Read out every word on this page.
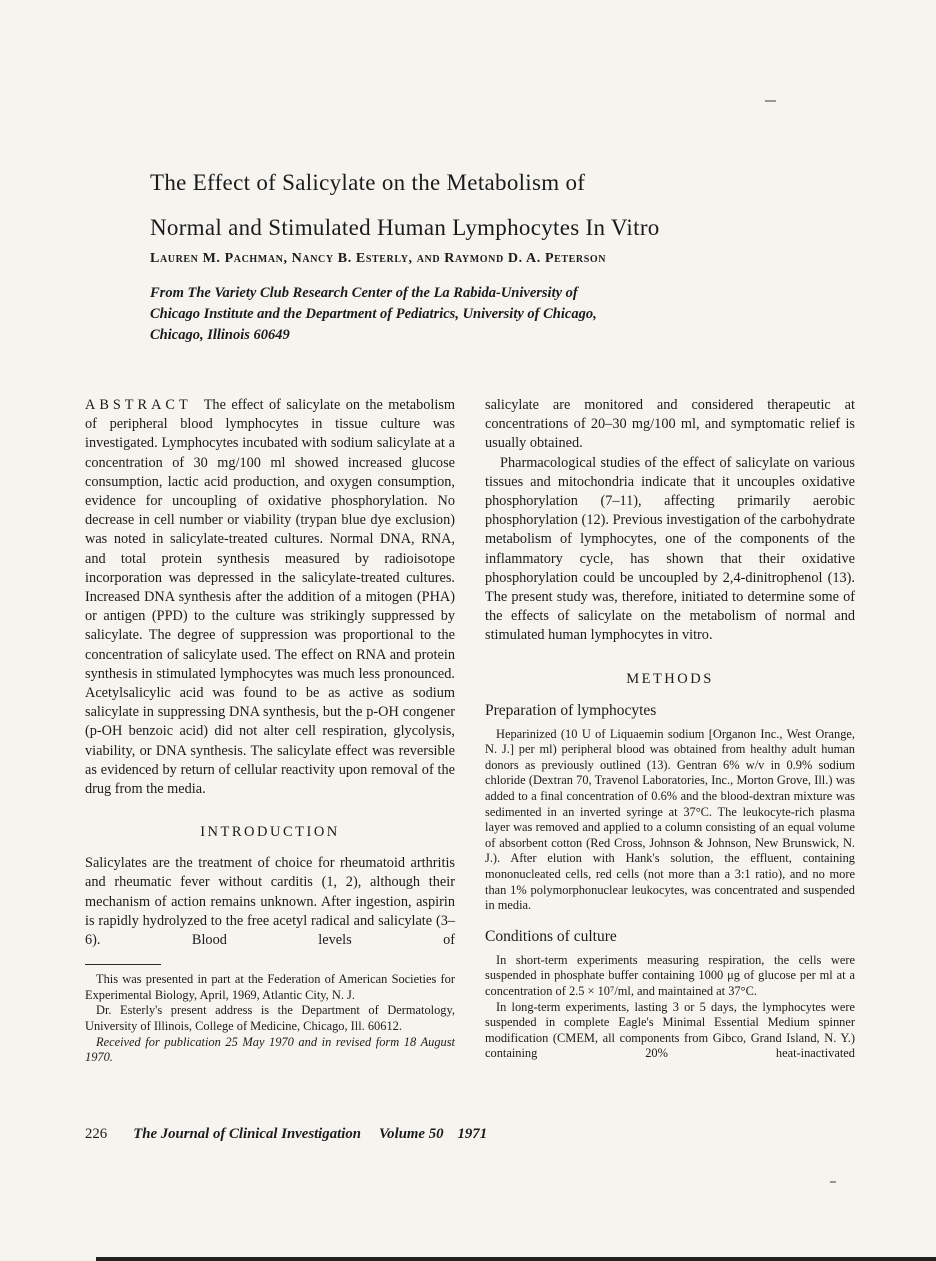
The Effect of Salicylate on the Metabolism of
Normal and Stimulated Human Lymphocytes In Vitro
Lauren M. Pachman, Nancy B. Esterly, and Raymond D. A. Peterson
From The Variety Club Research Center of the La Rabida-University of
Chicago Institute and the Department of Pediatrics, University of Chicago,
Chicago, Illinois 60649

ABSTRACT The effect of salicylate on the metabolism of peripheral blood lymphocytes in tissue culture was investigated. Lymphocytes incubated with sodium salicylate at a concentration of 30 mg/100 ml showed increased glucose consumption, lactic acid production, and oxygen consumption, evidence for uncoupling of oxidative phosphorylation. No decrease in cell number or viability (trypan blue dye exclusion) was noted in salicylate-treated cultures. Normal DNA, RNA, and total protein synthesis measured by radioisotope incorporation was depressed in the salicylate-treated cultures. Increased DNA synthesis after the addition of a mitogen (PHA) or antigen (PPD) to the culture was strikingly suppressed by salicylate. The degree of suppression was proportional to the concentration of salicylate used. The effect on RNA and protein synthesis in stimulated lymphocytes was much less pronounced. Acetylsalicylic acid was found to be as active as sodium salicylate in suppressing DNA synthesis, but the p-OH congener (p-OH benzoic acid) did not alter cell respiration, glycolysis, viability, or DNA synthesis. The salicylate effect was reversible as evidenced by return of cellular reactivity upon removal of the drug from the media.

INTRODUCTION

Salicylates are the treatment of choice for rheumatoid arthritis and rheumatic fever without carditis (1, 2), although their mechanism of action remains unknown. After ingestion, aspirin is rapidly hydrolyzed to the free acetyl radical and salicylate (3–6). Blood levels of

This was presented in part at the Federation of American Societies for Experimental Biology, April, 1969, Atlantic City, N. J.

Dr. Esterly's present address is the Department of Dermatology, University of Illinois, College of Medicine, Chicago, Ill. 60612.

Received for publication 25 May 1970 and in revised form 18 August 1970.

salicylate are monitored and considered therapeutic at concentrations of 20–30 mg/100 ml, and symptomatic relief is usually obtained.

Pharmacological studies of the effect of salicylate on various tissues and mitochondria indicate that it uncouples oxidative phosphorylation (7–11), affecting primarily aerobic phosphorylation (12). Previous investigation of the carbohydrate metabolism of lymphocytes, one of the components of the inflammatory cycle, has shown that their oxidative phosphorylation could be uncoupled by 2,4-dinitrophenol (13). The present study was, therefore, initiated to determine some of the effects of salicylate on the metabolism of normal and stimulated human lymphocytes in vitro.

METHODS
Preparation of lymphocytes

Heparinized (10 U of Liquaemin sodium [Organon Inc., West Orange, N. J.] per ml) peripheral blood was obtained from healthy adult human donors as previously outlined (13). Gentran 6% w/v in 0.9% sodium chloride (Dextran 70, Travenol Laboratories, Inc., Morton Grove, Ill.) was added to a final concentration of 0.6% and the blood-dextran mixture was sedimented in an inverted syringe at 37°C. The leukocyte-rich plasma layer was removed and applied to a column consisting of an equal volume of absorbent cotton (Red Cross, Johnson & Johnson, New Brunswick, N. J.). After elution with Hank's solution, the effluent, containing mononucleated cells, red cells (not more than a 3:1 ratio), and no more than 1% polymorphonuclear leukocytes, was concentrated and suspended in media.

Conditions of culture

In short-term experiments measuring respiration, the cells were suspended in phosphate buffer containing 1000 μg of glucose per ml at a concentration of 2.5 × 10⁷/ml, and maintained at 37°C.

In long-term experiments, lasting 3 or 5 days, the lymphocytes were suspended in complete Eagle's Minimal Essential Medium spinner modification (CMEM, all components from Gibco, Grand Island, N. Y.) containing 20% heat-inactivated

226 The Journal of Clinical Investigation Volume 50 1971
